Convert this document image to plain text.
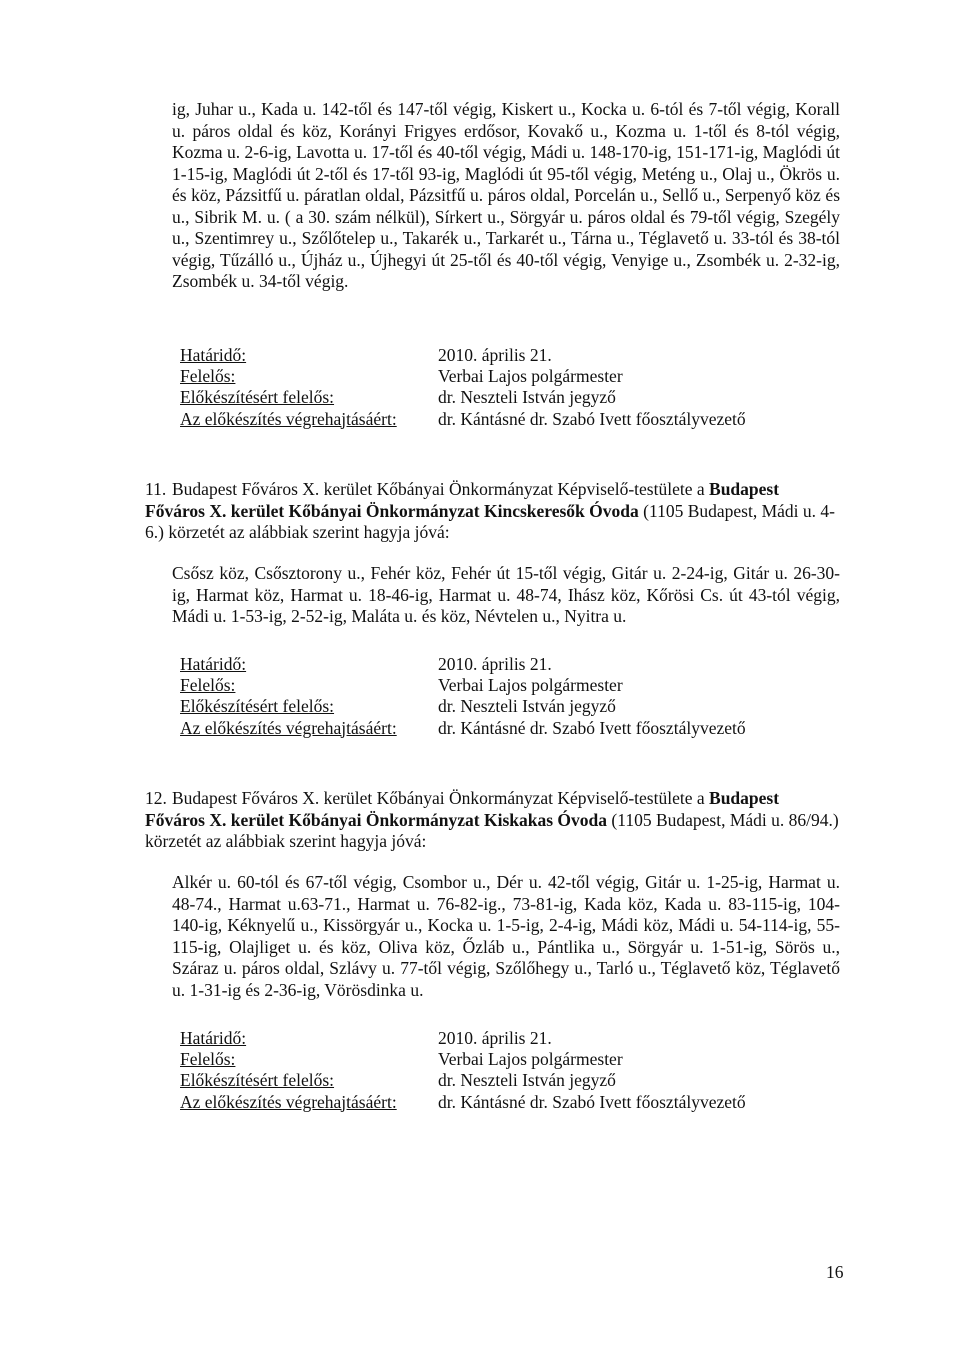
ig, Juhar u., Kada u. 142-től és 147-től végig, Kiskert u., Kocka u. 6-tól és 7-től végig, Korall u. páros oldal és köz, Korányi Frigyes erdősor, Kovakő u., Kozma u. 1-től és 8-tól végig, Kozma u. 2-6-ig, Lavotta u. 17-től és 40-től végig, Mádi u. 148-170-ig, 151-171-ig, Maglódi út 1-15-ig, Maglódi út 2-től és 17-től 93-ig, Maglódi út 95-től végig, Meténg u., Olaj u., Ökrös u. és köz, Pázsitfű u. páratlan oldal, Pázsitfű u. páros oldal, Porcelán u., Sellő u., Serpenyő köz és u., Sibrik M. u. ( a 30. szám nélkül), Sírkert u., Sörgyár u. páros oldal és 79-től végig, Szegély u., Szentimrey u., Szőlőtelep u., Takarék u., Tarkarét u., Tárna u., Téglavető u. 33-tól és 38-tól végig, Tűzálló u., Újház u., Újhegyi út 25-től és 40-től végig, Venyige u., Zsombék u. 2-32-ig, Zsombék u. 34-től végig.

Határidő:	2010. április 21.
Felelős:	Verbai Lajos polgármester
Előkészítésért felelős:	dr. Neszteli István jegyző
Az előkészítés végrehajtásáért:	dr. Kántásné dr. Szabó Ivett főosztályvezető
11. Budapest Főváros X. kerület Kőbányai Önkormányzat Képviselő-testülete a Budapest Főváros X. kerület Kőbányai Önkormányzat Kincskeresők Óvoda (1105 Budapest, Mádi u. 4-6.) körzetét az alábbiak szerint hagyja jóvá:

Csősz köz, Csősztorony u., Fehér köz, Fehér út 15-től végig, Gitár u. 2-24-ig, Gitár u. 26-30-ig, Harmat köz, Harmat u. 18-46-ig, Harmat u. 48-74, Ihász köz, Kőrösi Cs. út 43-tól végig, Mádi u. 1-53-ig, 2-52-ig, Maláta u. és köz, Névtelen u., Nyitra u.

Határidő:	2010. április 21.
Felelős:	Verbai Lajos polgármester
Előkészítésért felelős:	dr. Neszteli István jegyző
Az előkészítés végrehajtásáért:	dr. Kántásné dr. Szabó Ivett főosztályvezető
12. Budapest Főváros X. kerület Kőbányai Önkormányzat Képviselő-testülete a Budapest Főváros X. kerület Kőbányai Önkormányzat Kiskakas Óvoda (1105 Budapest, Mádi u. 86/94.) körzetét az alábbiak szerint hagyja jóvá:

Alkér u. 60-tól és 67-től végig, Csombor u., Dér u. 42-től végig, Gitár u. 1-25-ig, Harmat u. 48-74., Harmat u.63-71., Harmat u. 76-82-ig., 73-81-ig, Kada köz, Kada u. 83-115-ig, 104-140-ig, Kéknyelű u., Kissörgyár u., Kocka u. 1-5-ig, 2-4-ig, Mádi köz, Mádi u. 54-114-ig, 55-115-ig, Olajliget u. és köz, Oliva köz, Őzláb u., Pántlika u., Sörgyár u. 1-51-ig, Sörös u., Száraz u. páros oldal, Szlávy u. 77-től végig, Szőlőhegy u., Tarló u., Téglavető köz, Téglavető u. 1-31-ig és 2-36-ig, Vörösdinka u.

Határidő:	2010. április 21.
Felelős:	Verbai Lajos polgármester
Előkészítésért felelős:	dr. Neszteli István jegyző
Az előkészítés végrehajtásáért:	dr. Kántásné dr. Szabó Ivett főosztályvezető
16
